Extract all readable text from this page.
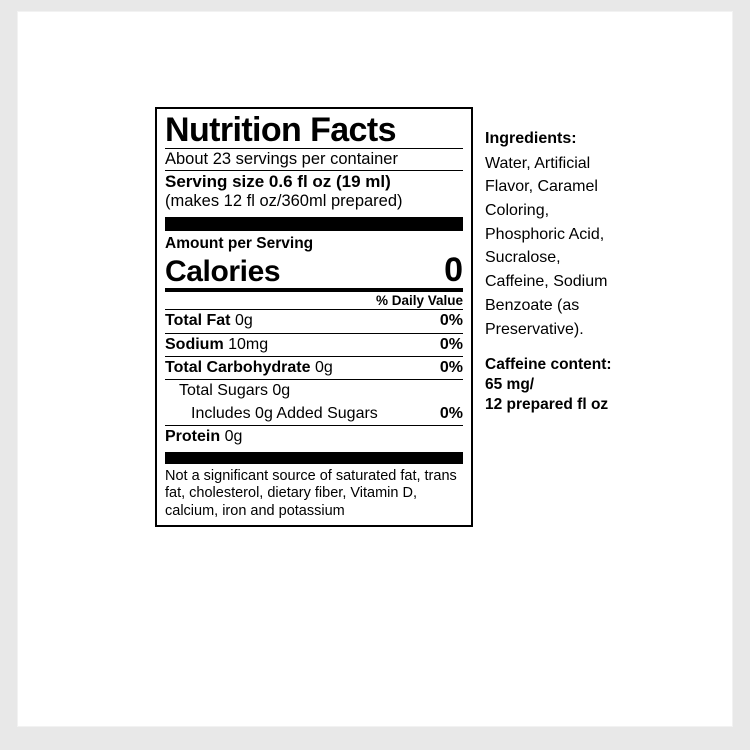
Nutrition Facts
About 23 servings per container
Serving size 0.6 fl oz (19 ml)
(makes 12 fl oz/360ml prepared)
Amount per Serving
Calories	0
% Daily Value
Total Fat 0g	0%
Sodium 10mg	0%
Total Carbohydrate 0g	0%
Total Sugars 0g
Includes 0g Added Sugars	0%
Protein 0g
Not a significant source of saturated fat, trans fat, cholesterol, dietary fiber, Vitamin D, calcium, iron and potassium
Ingredients:
Water, Artificial Flavor, Caramel Coloring, Phosphoric Acid, Sucralose, Caffeine, Sodium Benzoate (as Preservative).
Caffeine content:
65 mg/
12 prepared fl oz
